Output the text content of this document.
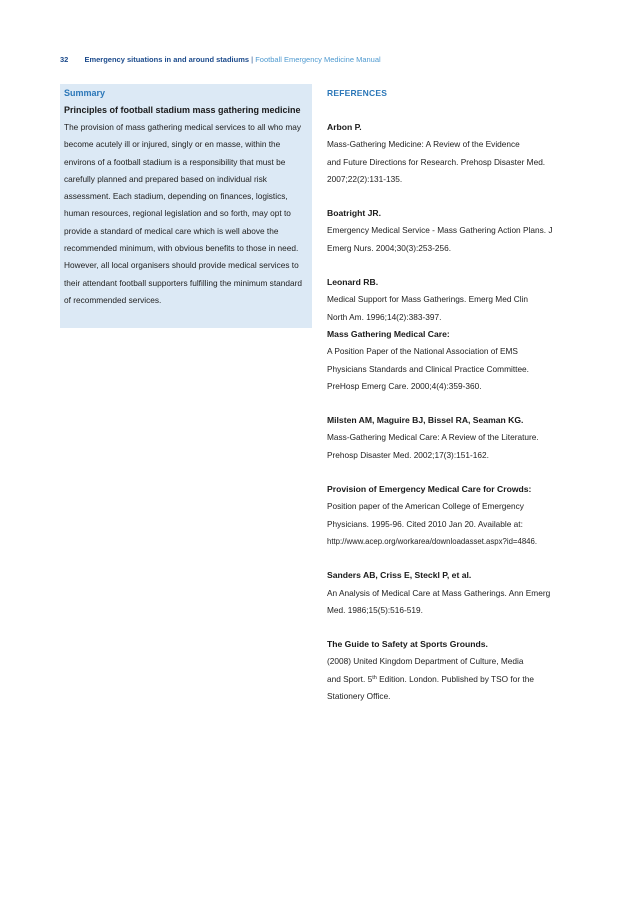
32 Emergency situations in and around stadiums | Football Emergency Medicine Manual
Summary
Principles of football stadium mass gathering medicine
The provision of mass gathering medical services to all who may become acutely ill or injured, singly or en masse, within the environs of a football stadium is a responsibility that must be carefully planned and prepared based on individual risk assessment. Each stadium, depending on finances, logistics, human resources, regional legislation and so forth, may opt to provide a standard of medical care which is well above the recommended minimum, with obvious benefits to those in need. However, all local organisers should provide medical services to their attendant football supporters fulfilling the minimum standard of recommended services.
REFERENCES
Arbon P.
Mass-Gathering Medicine: A Review of the Evidence
and Future Directions for Research. Prehosp Disaster Med.
2007;22(2):131-135.
Boatright JR.
Emergency Medical Service - Mass Gathering Action Plans. J
Emerg Nurs. 2004;30(3):253-256.
Leonard RB.
Medical Support for Mass Gatherings. Emerg Med Clin
North Am. 1996;14(2):383-397.
Mass Gathering Medical Care:
A Position Paper of the National Association of EMS
Physicians Standards and Clinical Practice Committee.
PreHosp Emerg Care. 2000;4(4):359-360.
Milsten AM, Maguire BJ, Bissel RA, Seaman KG.
Mass-Gathering Medical Care: A Review of the Literature.
Prehosp Disaster Med. 2002;17(3):151-162.
Provision of Emergency Medical Care for Crowds:
Position paper of the American College of Emergency
Physicians. 1995-96. Cited 2010 Jan 20. Available at:
http://www.acep.org/workarea/downloadasset.aspx?id=4846.
Sanders AB, Criss E, Steckl P, et al.
An Analysis of Medical Care at Mass Gatherings. Ann Emerg
Med. 1986;15(5):516-519.
The Guide to Safety at Sports Grounds.
(2008) United Kingdom Department of Culture, Media
and Sport. 5th Edition. London. Published by TSO for the
Stationery Office.
